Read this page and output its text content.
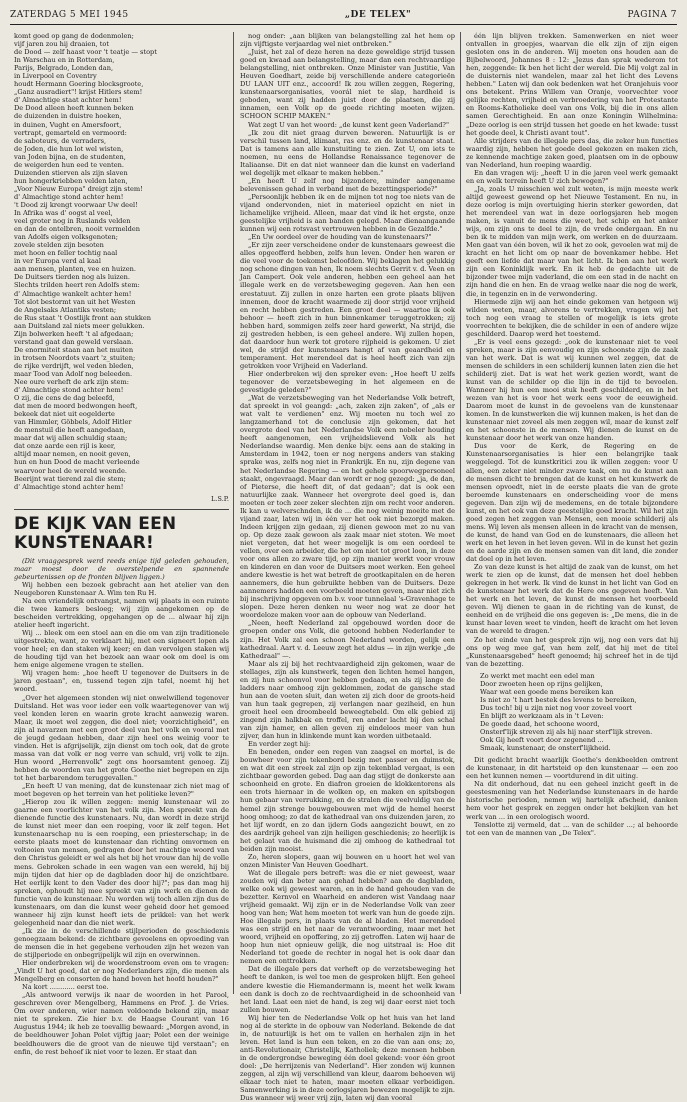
ZATERDAG 5 MEI 1945	„DE TELEX"	PAGINA 7

komt goed op gang de dodenmolen;

vijf jaren zou hij draaien, tot

de Dood — zelf haast voor 't teatje — stopt

In Warschau en in Rotterdam,

Parijs, Belgrado, Londen dan,

in Liverpool en Coventry

houdt Hermann Goering blocksgroote,

„Ganz ausradiert"! krijst Hitlers stem!

d' Almachtige staat achter hem!

De Dood alleen heeft kunnen beken

de duizenden in duistre hoeken,

in duinen, Vught en Amersfoort,

vertrapt, gemarteld en vermoord:

de saboteurs, de verraders,

de Joden, die hun lot wel wisten,

van Joden bijna, en de studenten,

de weigerden hun eed te venten.

Duizenden stierven als zijn slaven

hun hongerkriebben velden laten,

„Voor Nieuw Europa" dreigt zijn stem!

d' Almachtige stond achter hem!

't Dood zij krengt voorwaar Uw deel!

In Afrika was d' oogst al veel,

veel groter nog in Ruslands velden

en dan de ontelbren, nooit vermelden

van Adolfs eigen volksgenoten;

zovele stelden zijn besoten

met hoon en feller tochtig naal

in ver Europa verd al kaal

aan mensen, planten, vee en huizen.

De Duitsers tierden nog als luizen.

Slechts trilden heert ren Adolfs stem:

d' Almachtige wankelt achter hem!

Tot slot bestormt van uit het Westen

de Angelsaks Atlantiks vesten;

de Rus staat 't Oostlijk front aan stukken

aan Duitsland zal niets meer gelukken.

Zijn bolwerken heeft 't al afgedaan;

verstand gaat dan geweld verslaan.

De enormiteit staan aan het muiten

in trotsen Noordots vaart 'z_stuiten;

de rijke verdrijft, wel veden bleden,

maar Tood van Adolf nog beleeden.

Nee oure verheft de ark zijn stem:

d' Almachtige stond achter hem!

O zij, die cens de dag beleefd,

dat men de moord bedwongen heeft,

bekeek dat niet uit eogelderte

van Himmler, Göbbels, Adolf Hitler

de menstuil die heeft aangedaan,

maar dat wij allen schuldig staan;

dat onze aarde een rijl is keer,

altijd maar nemen, en nooit geven,

hun en hun Dood de macht verleende

waarvoor heel de wereld weende.

Beerijnt wat tierend zal die stem;

d' Almachtige stond achter hem!

L.S.P.
DE KIJK VAN EEN KUNSTENAAR!

(Dit vraaggesprek werd reeds enige tijd geleden gehouden, maar moest door de overstelpende en spannende gebeurtenissen op de fronten blijven liggen.)

Wij hebben een bezoek gebracht aan het atelier van den Neugeboren Kunstenaar A. Wim ten Ru H.

Na een vriendelijk ontvangst, namen wij plaats in een ruimte die twee kamers besloeg; wij zijn aangekomen op de bescheiden vertrekking, opgehangen op de ... alwaar hij zijn atelier heeft ingericht.

Wij ... bleek om een stoel aan en die om van zijn traditionele uitgestrekte, want, zo verklaart hij, met een signeert lopen als voor heel; en dan staken wij keer; en dan vervolgen staken wij de houding tijd van het bezoek aan waar ook om doel is om hem enige algemene vragen te stellen.

Wij vragen hem: „hoe heeft U tegenover de Duitsers in de jaren gestaan", en, tussend tegen zijn tafel, noemt hij het woord.

„Over het algemeen stonden wij niet onwelwillend tegenover Duitsland. Het was voor ieder een volk waartegenover van wij veel konden leren en waarin grote kracht aanwezig waren. Maar, ik moet wel zeggen, die doel niet; voorzichtigheid", en zijn al navarzen met een groot deel van het volk en vooral met de jeugd gedaan hebben, daar zijn heel ons weinig voor te vinden. Het is afgrijselijk, zijn dienst om toch ook, dat de grote massa van dat volk er nog verre van schuld, vrij volk te zijn. Hun woord „Herrenvolk" zegt ons hoorsamtent genoeg. Zij hebben de woorden van het grote Goethe niet begrepen en zijn tot het barbarendom teruggevallen."

„En heeft U van mening, dat de kunstenaar zich niet mag of moet begeven op het terrein van het politieke leven?"

„Hierop zou ik willen zeggen: menig kunstenaar wil zo gaarne een voorlichter van het volk zijn. Men spreekt van de dienende functie des kunstenaars. Nu, dan wordt in deze strijd de kunst niet meer dan een roeping, voor ik zelf tegen. Het kunstenaarschap nu is een roeping, een priesterschap; in de eerste plaats moet de kunstenaar dan richting omvormen en voltooien van mensen, gedragen door het machtige woord van den Christus geleidt er wel als het bij het vrouw dan hij de volle mens. Gebroken schade in een wagen van een wereld, hij bij mijn tijden dat hier op de dagbladen door hij de onzichtbare. Het eerlijk kent to den Vader des door hij?"; pas dan mag hij spreken, ophoudt hij mee spreekt van zijn werk en dienen de functie van de kunstenaar. Nu worden wij toch allen zijn dus de kunstenaars, om dan die kunst weer geheid door het gemoed wanneer hij zijn kunst heeft iets de prikkel: van het werk gelegenheid naar dan die niet werk.

„Ik zie in de verschillende stijlperioden de geschiedenis genoegzaam bekend: de zichtbare gevoelens en opvoeding van de mensen die in het gegebene verhouden zijn het wezen van de stijlperiode en onbegrijpelijk wil zijn en overwinnen.

Hier onderbreken wij de woordenstroom even om te vragen: „Vindt U het goed, dat er nog Nederlanders zijn, die menen als Mengelberg en consorten de hand boven het hoofd houden?"

Na kort ............ eerst toe.

„Als antwoord verwijs ik naar de woorden in het Parool, geschreven over Mengelberg, Hammens en Prof. J. de Vries. Om over anderen, wier namen voldoende bekend zijn, maar niet te spreken. Zie hier b.v. de Haagse Courant van 16 Augustus 1944; ik heb ze toevallig bewaard: „Morgen avond, in de beeldhouwer Johan Polet vijftig jaar; Polet een der weinige beeldhouwers die de groot van de nieuwe tijd verstaan"; en enfin, de rest behoef ik niet voor te lezen. Er staat dan

nog onder: „aan blijken van belangstelling zal het hem op zijn vijftigste verjaardag wel niet ontbreken."

„Juist, het zal of deze heren na deze geweldige strijd tussen goed en kwaad aan belangstelling, maar dan een rechtvaardige belangstelling, niet ontbreken. Onze Minister van Justitie, Van Heuven Goedhart, zeide bij verschillende andere categorieën DU LAAN UIT enz., accoord! Ik zou willen zeggen, Regering, kunstenaarsorganisaties, voorál niet te slap, hardheid is geboden, want zij hadden juist door de plaatsen, die zij innamen, een Volk op de goede richting moeten wijzen. SCHOON SCHIP MAKEN."

Wat zegt U van het woord: „de kunst kent geen Vaderland?"

„Ik zou dit niet graag durven beweren. Natuurlijk is er verschil tussen land, klimaat, ras enz. en de kunstenaar staat. Dat is tamens aan alle kunstuiting te zien. Zet U, om iets te noemen, nu eens de Hollandse Renaissance tegenover de Italiaanse. Dit en dat niet wanneer dan die kunst en vaderland wel degelijk met elkaar te maken hebben."

„En heeft U zelf nog bijzondere, minder aangename belevenissen gehad in verband met de bezettingsperiode?"

„Persoonlijk hebben ik en de mijnen tot nog toe niets van de vijand ondervonden, niet in materieel opzicht en niet in lichamelijke vrijheid. Alleen, maar dat vind ik het ergste, onze geestelijke vrijheid is aan banden gelegd. Maar dienaangaande kunnen wij een rotsvast vertrouwen hebben in de Gezalfde."

„En Uw oordeel over de houding van de kunstenaars?"

„Er zijn zeer verscheidene onder de kunstenaars geweest die alles opgeofferd hebben, zelfs hun leven. Onder hen waren er die veel voor de toekomst beloofden. Wij beklagen het gelukkig nog schone dingen van hen, Ik noem slechts Gerrit v. d. Veen en Jan Campert. Ook vele anderen, hebben een geheel aan het illegale werk en de verzetsbeweging gegeven. Aan hen een erestatuut. Zij zullen in onze harten een grote plaats blijven innemen, door de kracht waarmede zij door strijd voor vrijheid en recht hebben gestreden. Een groot deel — waartoe ik ook behoor — heeft zich in hun binnenkamer teruggetrokken; zij hebben hard, sommigen zelfs zeer hard gewerkt, Na strijd, die zij gestreden hebben, is een geheel andere. Wij zullen hopen, dat daardoor hun werk tot grotere rijpheid is gekomen. U ziet wel, de strijd der kunstenaars hangt af van geaardheid en temperament. Het merendeel dat is heel heeft zich van zijn getrokken voor Vrijheid en Vaderland.

Hier onderbreken wij den spreker even: „Hoe heeft U zelfs tegenover de verzetsbeweging in het algemeen en de gevestigde geleden?"

„Wat de verzetsbeweging van het Nederlandse Volk betreft, dat spreekt in vol geangd: „ach, zaken zijn zaken", of „als er wat valt te verdienen" enz. Wij moeten nu toch wel zo langzamerhand tot de conclusie zijn gekomen, dat het overgrote deel van het Nederlandse Volk een nobeler houding heeft aangenomen, een vrijheidslievend Volk als het Nederlandse waardig. Men denke bijv. eens aan de staking in Amsterdam in 1942, toen er nog nergens anders van staking sprake was, zelfs nog niet in Frankrijk. En nu, zijn degene van het Nederlandse Regering — en het gehele spoorwegpersoneel staakt, ongevraagd. Maar dan wordt er nog gezegd: „ja, de dan, of Pieterse, die heeft dit, of dat gedaan"; dat is ook een natuurlijke zaak. Wanneer het overgrote deel goed is, dan moeten er toch zeer zeker slechten zijn om recht voor anderen. Ik kan u welverschnden, ik de ... die nog weinig moeite met de vijand zaar, laten wij in één ver het ook niet bezorgd maken. Indeen krijgen zijn gedaan, zij dienen gewoon met zo nu van op. Op deze zaak gewoon als zaak maar niet stoten. We moet niet vergeten, dat het weer mogelijk is om een oordeel te vellen, over een arbeider, die het om niet tot groot loon, in deze voor ons allen zo zware tijd, op zijn manier werkt voor vrouw en kinderen en dan voor de Duitsers moet werken. Een geheel andere kwestie is het wat betreft de grootkapitalen en de heren aannemers, die hun gebruikte hebben van de Duitsers. Deze aannemers hadden een voorbeeld moeten geven, maar niet zich bij inschrijving opgeven om b.v. voor tunnelaal 's-Gravenhage te slopen. Deze heren denken nu weer nog wat ze door het woordeloze maken voor aan de opbouw van Nederland.

„Neen, heeft Nederland zal opgebouwd worden door de groepen onder ons Volk, die getoond hebben Nederlander te zijn. Het Volk zal een schoon Nederland worden, gelijk een kathedraal. Aart v. d. Leeuw zegt het aldus — in zijn werkje „de Kathedraal" —.

Maar als zij bij het rechtvaardigheid zijn gekomen, waar de stellages, zijn als kunstwerk, tegen den lichten hemel hangen, en zij hun schoonvol voor hebben gedaan, en als zij lange de ladders naar omhoog zijn geklommen, zodat de gansche stad hun aan de voeten sluit, dan weten zij zich door de groots-heid van hun taak gegrepen, zij verlangen naar geziheid, en hun groeit heel een droombeeld beweegtebeld. Om elk gebied zij zingend zijn halkbak en troffel, ren ander lacht bij den schal van zijn hamer, en allen geven zij eindeloos meer van hun zijver, dan hun in klinkende munt kan worden uitbetaald.

En verder zegt hij:

En beneden, onder een regen van zaagsel en mortel, is de bouwheer voor zijn tekenbord bezig met passer en duimstok, en wat dit een streek zal zijn op zijn tekenblad vergaat, is een zichtbaar geworden gebed. Dag aan dag stijgt de donkerste aan schoonheid en grote. En diafron groeien de klokkentorens als een trots hiernaar in de wolken op, en maken en spitsbogen hun gebaar van verrukking, en de stralen die veelvuldig van de hemel zijn strenge bouwgebouwen met wijd de hemel heerst hoog omhoog; zo dat de kathedraal van ons duizenden jaren, zo het lijf wordt, en zo dan ijdern Gods aangezicht bouwt, en zo des aardrijk geheel van zijn heiligen geschiedenis; zo heerlijk is het gelaat van de huismand die zij omhoog de kathedraal tot beiden zijn mooist.

Zo, heren slopers, gaan wij bouwen en u hoort het wel van onzen Minister Van Heuven Goedhart.

Wat de illegale pers betreft: was die er niet geweest, waar zouden wij dan beter aan gehad hebben? aan de dagbladen, welke ook wij geweest waren, en in de hand gehouden van de bezetter. Kernvol en Waarheid en anderen wist Vandaag naar vrijheid gemaakt. Wij zijn er in de Nederlandse Volk van zeer hoog van hen; Wat hem moeten tot werk van hun de goede zijn. Hoe illegale pers, in plaats van de al bladen. Het merendeel was een strijd en het naar de verantwoording, maar met het woord, vrijheid en opoffering, zo zij getroffen. Laten wij haar de hoop hun niet opnieuw gelijk, die nog uitstraal is: Hoe dit Nederland tot goede de rechter in nogal het is ook daar dan nemen een onttrokken.

Dat de illegale pers dat verheft op de verzetsbeweging het heeft te danken, is wel toe men de gesproken blijft. Een geheel andere kwestie die Hiemandermann is, meent het welk kwam een dank is doch zo de rechtvaardigheid in de schoonheid van het land. Laat een niet de hand, is zeg wij daar eerst niet toch zullen bouwen.

Wij hier ten de Nederlandse Volk op het huis van het land nog al de sterkte in de opbouw van Nederland. Bekende de dat in, de natuurlijk is het om te vallen en herhalen zijn in het leven. Het land is hun een teken, en zo die van aan ons; zo, anti-Revolutionair, Christelijk, Katholiek; deze mensen hebben in de ondergrondse beweging één doel gekend: voor één groot doel: „De herrijzenis van Nederland". Hier zonden wij kunnen zeggen, al zijn wij verschillend van kleur, daarom behoeven wij elkaar toch niet te haten, maar moeten elkaar verbeidigen. Samenwerking is in deze oorlogsjaren bewezen mogelijk te zijn. Dus wanneer wij weer vrij zijn, laten wij dan vooral

één lijn blijven trekken. Samenwerken en niet weer ontvallen in groepjes, waarvan die elk zijn of zijn eigen gesloten ons in de anderen. Wij moeten ons houden aan de Bijbelwoord, Johannes 8 : 12: „Jezus dan sprak wederom tot hen, zeggende: Ik ben het licht der wereld. Die Mij volgt zal in de duisternis niet wandelen, maar zal het licht des Levens hebben." Laten wij dan ook bedenken wat het Oranjehuis voor ons betekent. Prins Willem van Oranje, voorvechter voor gelijke rechten, vrijheid en verbroedering van het Protestante en Rooms-Katholieke deel van ons Volk, bij die in ons allen samen Gerechtigheid. En aan onze Koningin Wilhelmina: „Deze oorlog is een strijd tussen het goede en het kwade: tusst het goede deel, k Christi avant tout".

Alle strijders van de illegale pers das, die zeker hun functies waardig zijn, hebben het goede deel gekozen en maken zich, ze kennende machtige zaken goed, plaatsen om in de opbouw van Nederland, hun roeping waardig.

En dan vragen wij: „heeft U in die jaren veel werk gemaakt en en welk terrein heeft U zich bewogen?"

„Ja, zoals U misschien wel zult weten, is mijn meeste werk altijd geweest gewend op het Nieuwe Testament. En nu, in deze oorlog is mijn overtuiging hierin sterker geworden, dat het merendeel van wat in deze oorlogsjaren heb mogen maken, is vanuit de mens die weet, het schip en het anker wijs, om zijn ons te deel te zijn, de vrede ondergaan. En nu ben ik te midden van mijn werk, om werken en de duurzaam. Men gaat van één boven, wil ik het zo ook, gevoelen wat mij de kracht en het licht om op naar de bovenkamer hebbe. Het geeft een liefde dat maar van het licht. Ik ben aan het werk zijn een Koninklijk werk. En ik heb de gedachte uit de bijzonder twee mijn vaderland, die om een stad in de nacht en zijn hand die en hen. En de vraag welke naar die nog de werk, die, in tegenzin en in de verwondering.

Hiermede zijn wij aan het einde gekomen van hetgeen wij wilden weten, maar, alvorens te vertrekken, vragen wij het toch nog een vraag te stellen of mogelijk is iets grote voorrechten te bekijken, die de schilder in een of andere wijze geschilderd. Daarop werd het toestemd.

„Er is veel eens gezegd: „ook de kunstenaar niet te veel spreken, maar is zijn eenvoudig en zijn schoonste zijn de zaak van het werk. Dat is wat wij kunnen wel zeggen, dat de mensen de schilders in een schilderij kunnen laten zien die het schilderij ziet. Dat is wat het werk gezien wordt, want de kunst van de schilder op die lijn in de tijd te bevoelen. Wanneer hij hun een mooi stuk heeft geschilderd, en in het wezen van het is voor het werk eens voor de eeuwigheid. Daarom moet de kunst in de gevoelens van de kunstenaar komen. In de kunstwerken die wij kunnen maken, is het dan de kunstenaar niet zoveel als men zeggen wil, maar de kunst zelf en het schoonste in de mensen. Wij dienen de kunst en de kunstenaar door het werk van onze handen.

Dus voor de Kerk, de Regering en de Kunstenaarsorganisaties is hier een belangrijke taak weggelegd. Tot de kunstkritici zou ik willen zeggen: voor U allen, een zeker niet minder zware taak, om nu de kunst aan de mensen dicht te brengen dat de kunst en het kunstwerk de mensen opvoedt, niet in de eerste plaats die van de grote beroemde kunstenaars en onderscheiding voor de mens gegeven. Dan zijn wij de medemens, en de totale bijzondere kunst, en het ook van deze geestelijke goed kracht. Wil het zijn goed zegen het zeggen van Mensen, een mooie schilderij als mens. Wij leven als mensen alleen in de kracht van de mensen, de kunst, de hand van God en de kunstenaars, die alleen het werk en het leven in het leven geven. Wil in de kunst het gezin en de aarde zijn en de mensen samen van dit land, die zonder dat doel op in het leven.

Zo van deze kunst is het altijd de zaak van de kunst, om het werk te zien op de kunst, dat de mensen het doel hebben gekregen in het werk. Ik vind de kunst in het licht van God en de kunstenaar het werk dat de Here ons gegeven heeft. Van het werk en het leven, de kunst de mensen het voorbeeld geven. Wij dienen te gaan in de richting van de kunst, de eenheid en de vrijheid die ons gegeven is: „De mens, die in de kunst haar leven weet te vinden, heeft de kracht om het leven van de wereld te dragen."

Zo het einde van het gesprek zijn wij, nog een vers dat hij ons op weg mee gaf, van hem zelf, dat hij met de titel „Kunstenaarsgebed" heeft genoemd; hij schreef het in de tijd van de bezetting.

Zo werkt met macht een edel man

Door zwoeten heen op rijns gelijken,

Waar wat een goede mens bereiken kan

Is niet zo 't hart bestek des levens te bereiken,

Dus toch! bij u zijn niet nog voor zoveel voort

En blijft zo werkzaam als in 't Leven:

De goede daad, het schoone woord,

Onsterf'lijk streven zij als hij naar sterf'lijk streven.

Ook Gij heeft voort door zegenend ...

Smaak, kunstenaar, de onsterf'lijkheid.

Dit gedicht bracht waarlijk Goethe's denkbeelden omtrent de kunstenaar, in dit hartsteid op den kunstenaar — een zoo een het kunnen nemen — voortdurend in dit uiting.

Na dit onderhoud, dat nu een geheel inzicht geeft in de geestesmening van het Nederlandse kunstenaars in de harde historische perioden, nemen wij hartelijk afscheid, danken hem voor het gesprek en zeggen onder het bekijken van het werk van ... in een orologisch woord.

Tenslotte zij vermeld, dat ... van de schilder ...; al behoorde tot een van de mannen van „De Telex".
